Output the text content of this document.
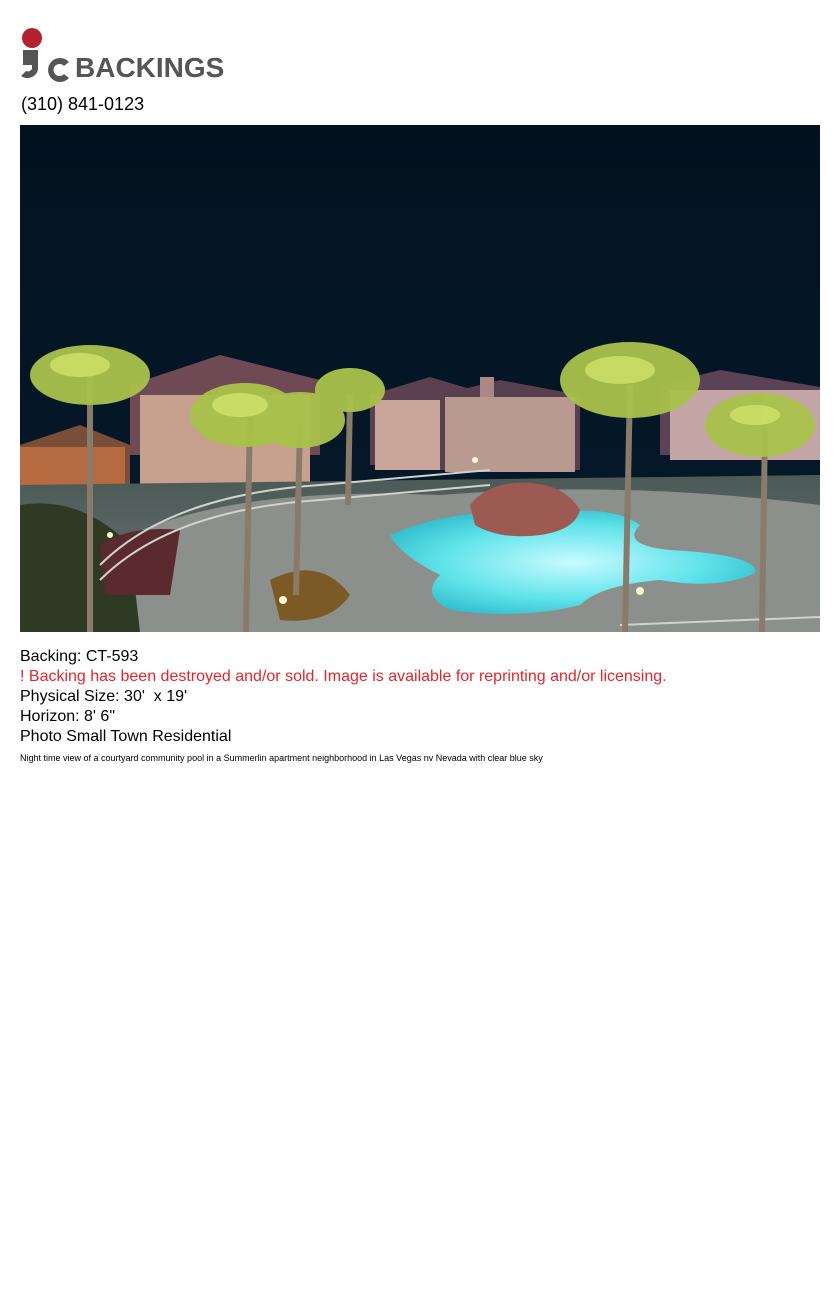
BACKINGS
(310) 841-0123

Backing: CT-593

! Backing has been destroyed and/or sold. Image is available for reprinting and/or licensing.

Physical Size: 30'  x 19'

Horizon: 8' 6"

Photo Small Town Residential

Night time view of a courtyard community pool in a Summerlin apartment neighborhood in Las Vegas nv Nevada with clear blue sky
